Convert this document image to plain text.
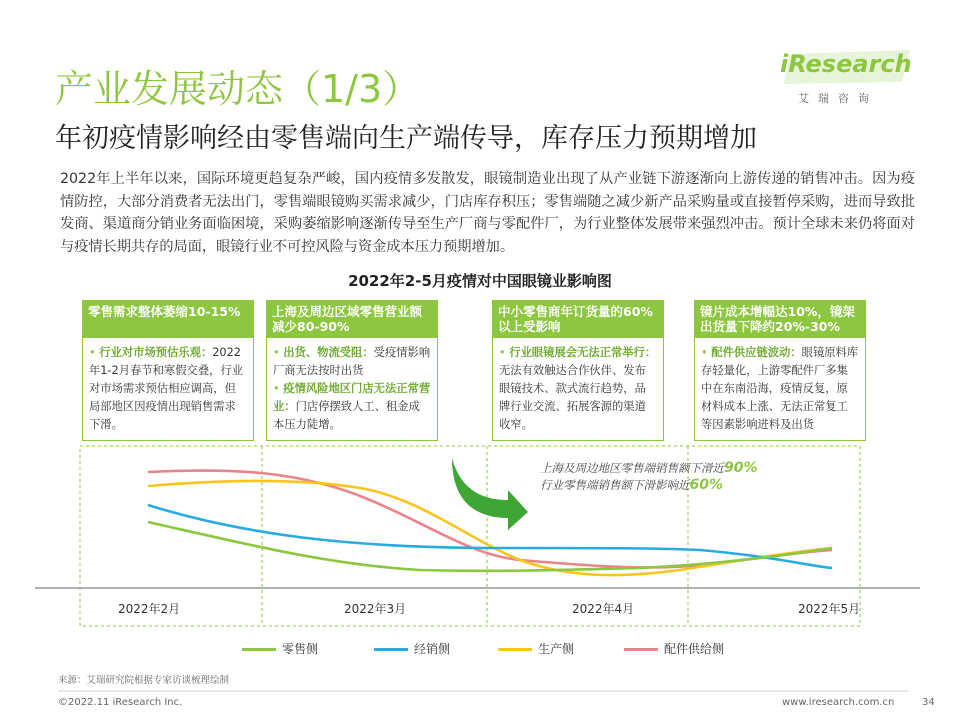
产业发展动态（1/3）
年初疫情影响经由零售端向生产端传导，库存压力预期增加
iResearch
艾瑞咨询
2022年上半年以来，国际环境更趋复杂严峻，国内疫情多发散发，眼镜制造业出现了从产业链下游逐渐向上游传递的销售冲击。因为疫情防控，大部分消费者无法出门，零售端眼镜购买需求减少，门店库存积压；零售端随之减少新产品采购量或直接暂停采购，进而导致批发商、渠道商分销业务面临困境，采购萎缩影响逐渐传导至生产厂商与零配件厂，为行业整体发展带来强烈冲击。预计全球未来仍将面对与疫情长期共存的局面，眼镜行业不可控风险与资金成本压力预期增加。
2022年2-5月疫情对中国眼镜业影响图
零售需求整体萎缩10-15%
• 行业对市场预估乐观：2022年1-2月春节和寒假交叠，行业对市场需求预估相应调高，但局部地区因疫情出现销售需求下滑。
上海及周边区域零售营业额减少80-90%
• 出货、物流受阻：受疫情影响厂商无法按时出货
• 疫情风险地区门店无法正常营业：门店停摆致人工、租金成本压力陡增。
中小零售商年订货量的60%以上受影响
• 行业眼镜展会无法正常举行：无法有效触达合作伙伴、发布眼镜技术、款式流行趋势，品牌行业交流、拓展客源的渠道收窄。
镜片成本增幅达10%，镜架出货量下降约20%-30%
• 配件供应链波动：眼镜原料库存轻量化，上游零配件厂多集中在东南沿海，疫情反复，原材料成本上涨、无法正常复工等因素影响进料及出货
上海及周边地区零售端销售额下滑近90%
行业零售端销售额下滑影响近60%
2022年2月	2022年3月	2022年4月	2022年5月
零售侧	经销侧	生产侧	配件供给侧
来源：艾瑞研究院根据专家访谈梳理绘制
©2022.11 iResearch Inc.	www.iresearch.com.cn	34
